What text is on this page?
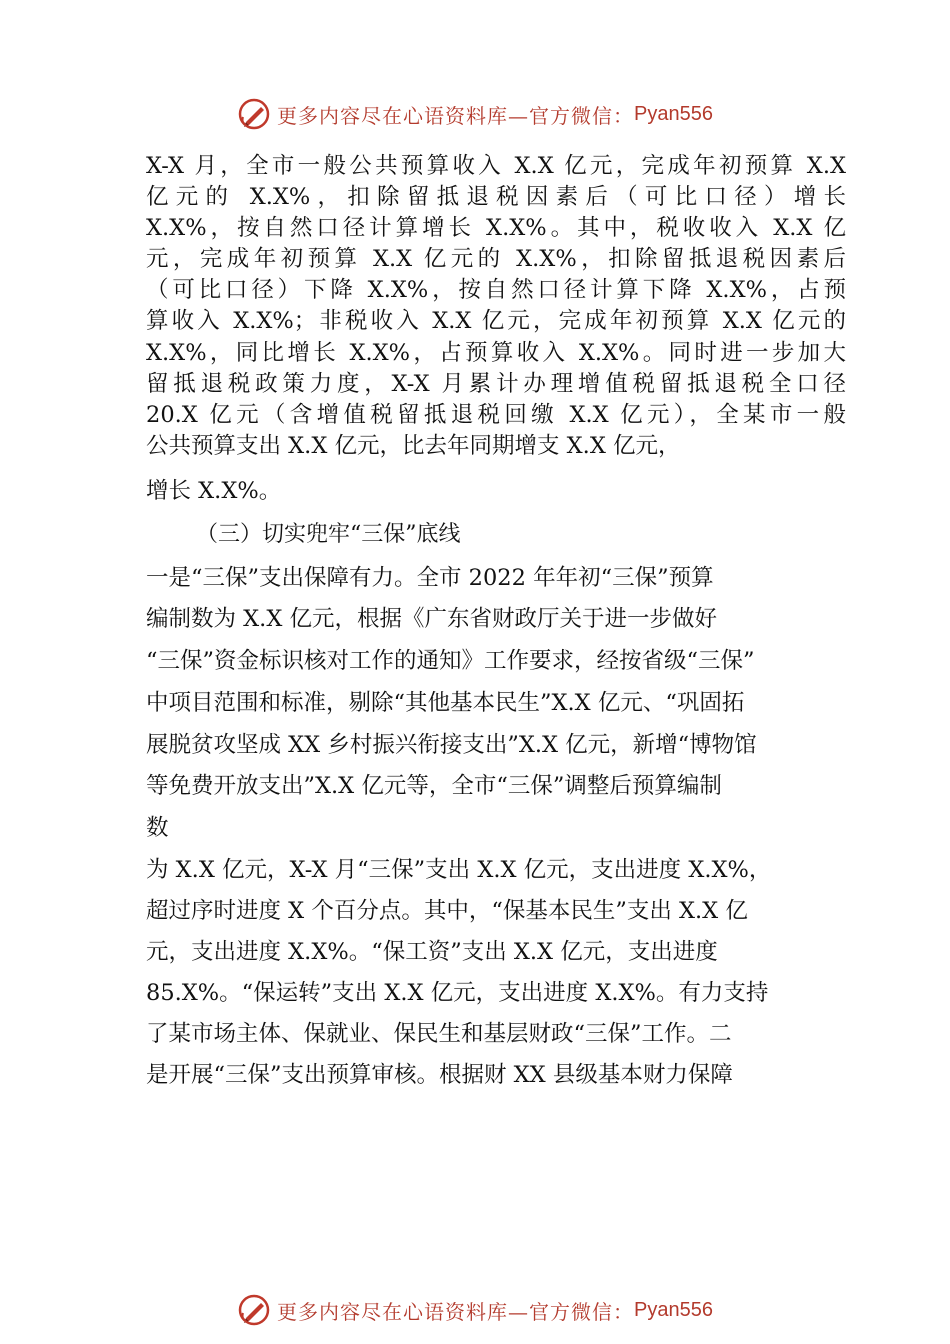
更多内容尽在心语资料库—官方微信： Pyan556
X-X 月，全市一般公共预算收入 X.X 亿元，完成年初预算 X.X
亿元的 X.X%，扣除留抵退税因素后（可比口径）增长
X.X%，按自然口径计算增长 X.X%。其中，税收收入 X.X 亿
元，完成年初预算 X.X 亿元的 X.X%，扣除留抵退税因素后
（可比口径）下降 X.X%，按自然口径计算下降 X.X%，占预
算收入 X.X%；非税收入 X.X 亿元，完成年初预算 X.X 亿元的
X.X%，同比增长 X.X%，占预算收入 X.X%。同时进一步加大
留抵退税政策力度，X-X 月累计办理增值税留抵退税全口径
20.X 亿元（含增值税留抵退税回缴 X.X 亿元），全某市一般
公共预算支出 X.X 亿元，比去年同期增支 X.X 亿元，
增长 X.X%。
（三）切实兜牢“三保”底线
一是“三保”支出保障有力。全市 2022 年年初“三保”预算
编制数为 X.X 亿元，根据《广东省财政厅关于进一步做好
“三保”资金标识核对工作的通知》工作要求，经按省级“三保”
中项目范围和标准，剔除“其他基本民生”X.X 亿元、“巩固拓
展脱贫攻坚成 XX 乡村振兴衔接支出”X.X 亿元，新增“博物馆
等免费开放支出”X.X 亿元等，全市“三保”调整后预算编制
数
为 X.X 亿元，X-X 月“三保”支出 X.X 亿元，支出进度 X.X%，
超过序时进度 X 个百分点。其中，“保基本民生”支出 X.X 亿
元，支出进度 X.X%。“保工资”支出 X.X 亿元，支出进度
85.X%。“保运转”支出 X.X 亿元，支出进度 X.X%。有力支持
了某市场主体、保就业、保民生和基层财政“三保”工作。二
是开展“三保”支出预算审核。根据财 XX 县级基本财力保障
更多内容尽在心语资料库—官方微信： Pyan556
